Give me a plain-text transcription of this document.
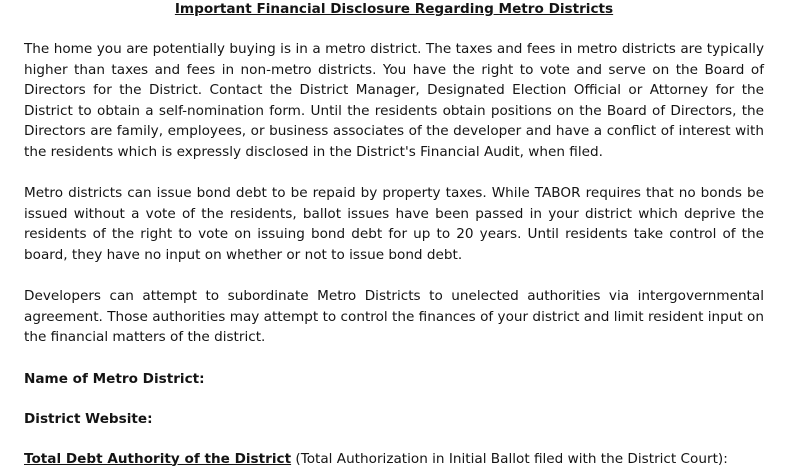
Important Financial Disclosure Regarding Metro Districts

The home you are potentially buying is in a metro district. The taxes and fees in metro districts are typically higher than taxes and fees in non-metro districts. You have the right to vote and serve on the Board of Directors for the District. Contact the District Manager, Designated Election Official or Attorney for the District to obtain a self-nomination form. Until the residents obtain positions on the Board of Directors, the Directors are family, employees, or business associates of the developer and have a conflict of interest with the residents which is expressly disclosed in the District's Financial Audit, when filed.

Metro districts can issue bond debt to be repaid by property taxes. While TABOR requires that no bonds be issued without a vote of the residents, ballot issues have been passed in your district which deprive the residents of the right to vote on issuing bond debt for up to 20 years. Until residents take control of the board, they have no input on whether or not to issue bond debt.

Developers can attempt to subordinate Metro Districts to unelected authorities via intergovernmental agreement. Those authorities may attempt to control the finances of your district and limit resident input on the financial matters of the district.

Name of Metro District:

District Website:

Total Debt Authority of the District (Total Authorization in Initial Ballot filed with the District Court):
